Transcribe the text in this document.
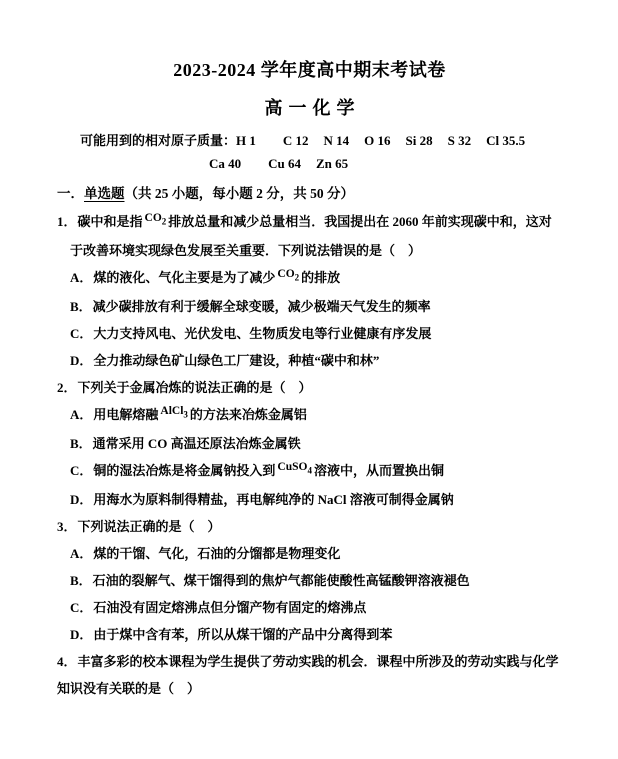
2023-2024 学年度高中期末考试卷
高一化学
可能用到的相对原子质量：H 1 C 12 N 14 O 16 Si 28 S 32 Cl 35.5
Ca 40 Cu 64 Zn 65
一．单选题（共 25 小题，每小题 2 分，共 50 分）
1．碳中和是指 $CO_2$ 排放总量和减少总量相当．我国提出在 2060 年前实现碳中和，这对
于改善环境实现绿色发展至关重要．下列说法错误的是（　）
A．煤的液化、气化主要是为了减少 $CO_2$ 的排放
B．减少碳排放有利于缓解全球变暖，减少极端天气发生的频率
C．大力支持风电、光伏发电、生物质发电等行业健康有序发展
D．全力推动绿色矿山绿色工厂建设，种植“碳中和林”
2．下列关于金属冶炼的说法正确的是（　）
A．用电解熔融 AlCl$_3$ 的方法来冶炼金属铝
B．通常采用 CO 高温还原法冶炼金属铁
C．铜的湿法冶炼是将金属钠投入到 CuSO$_4$ 溶液中，从而置换出铜
D．用海水为原料制得精盐，再电解纯净的 NaCl 溶液可制得金属钠
3．下列说法正确的是（　）
A．煤的干馏、气化，石油的分馏都是物理变化
B．石油的裂解气、煤干馏得到的焦炉气都能使酸性高锰酸钾溶液褪色
C．石油没有固定熔沸点但分馏产物有固定的熔沸点
D．由于煤中含有苯，所以从煤干馏的产品中分离得到苯
4．丰富多彩的校本课程为学生提供了劳动实践的机会．课程中所涉及的劳动实践与化学
知识没有关联的是（　）
